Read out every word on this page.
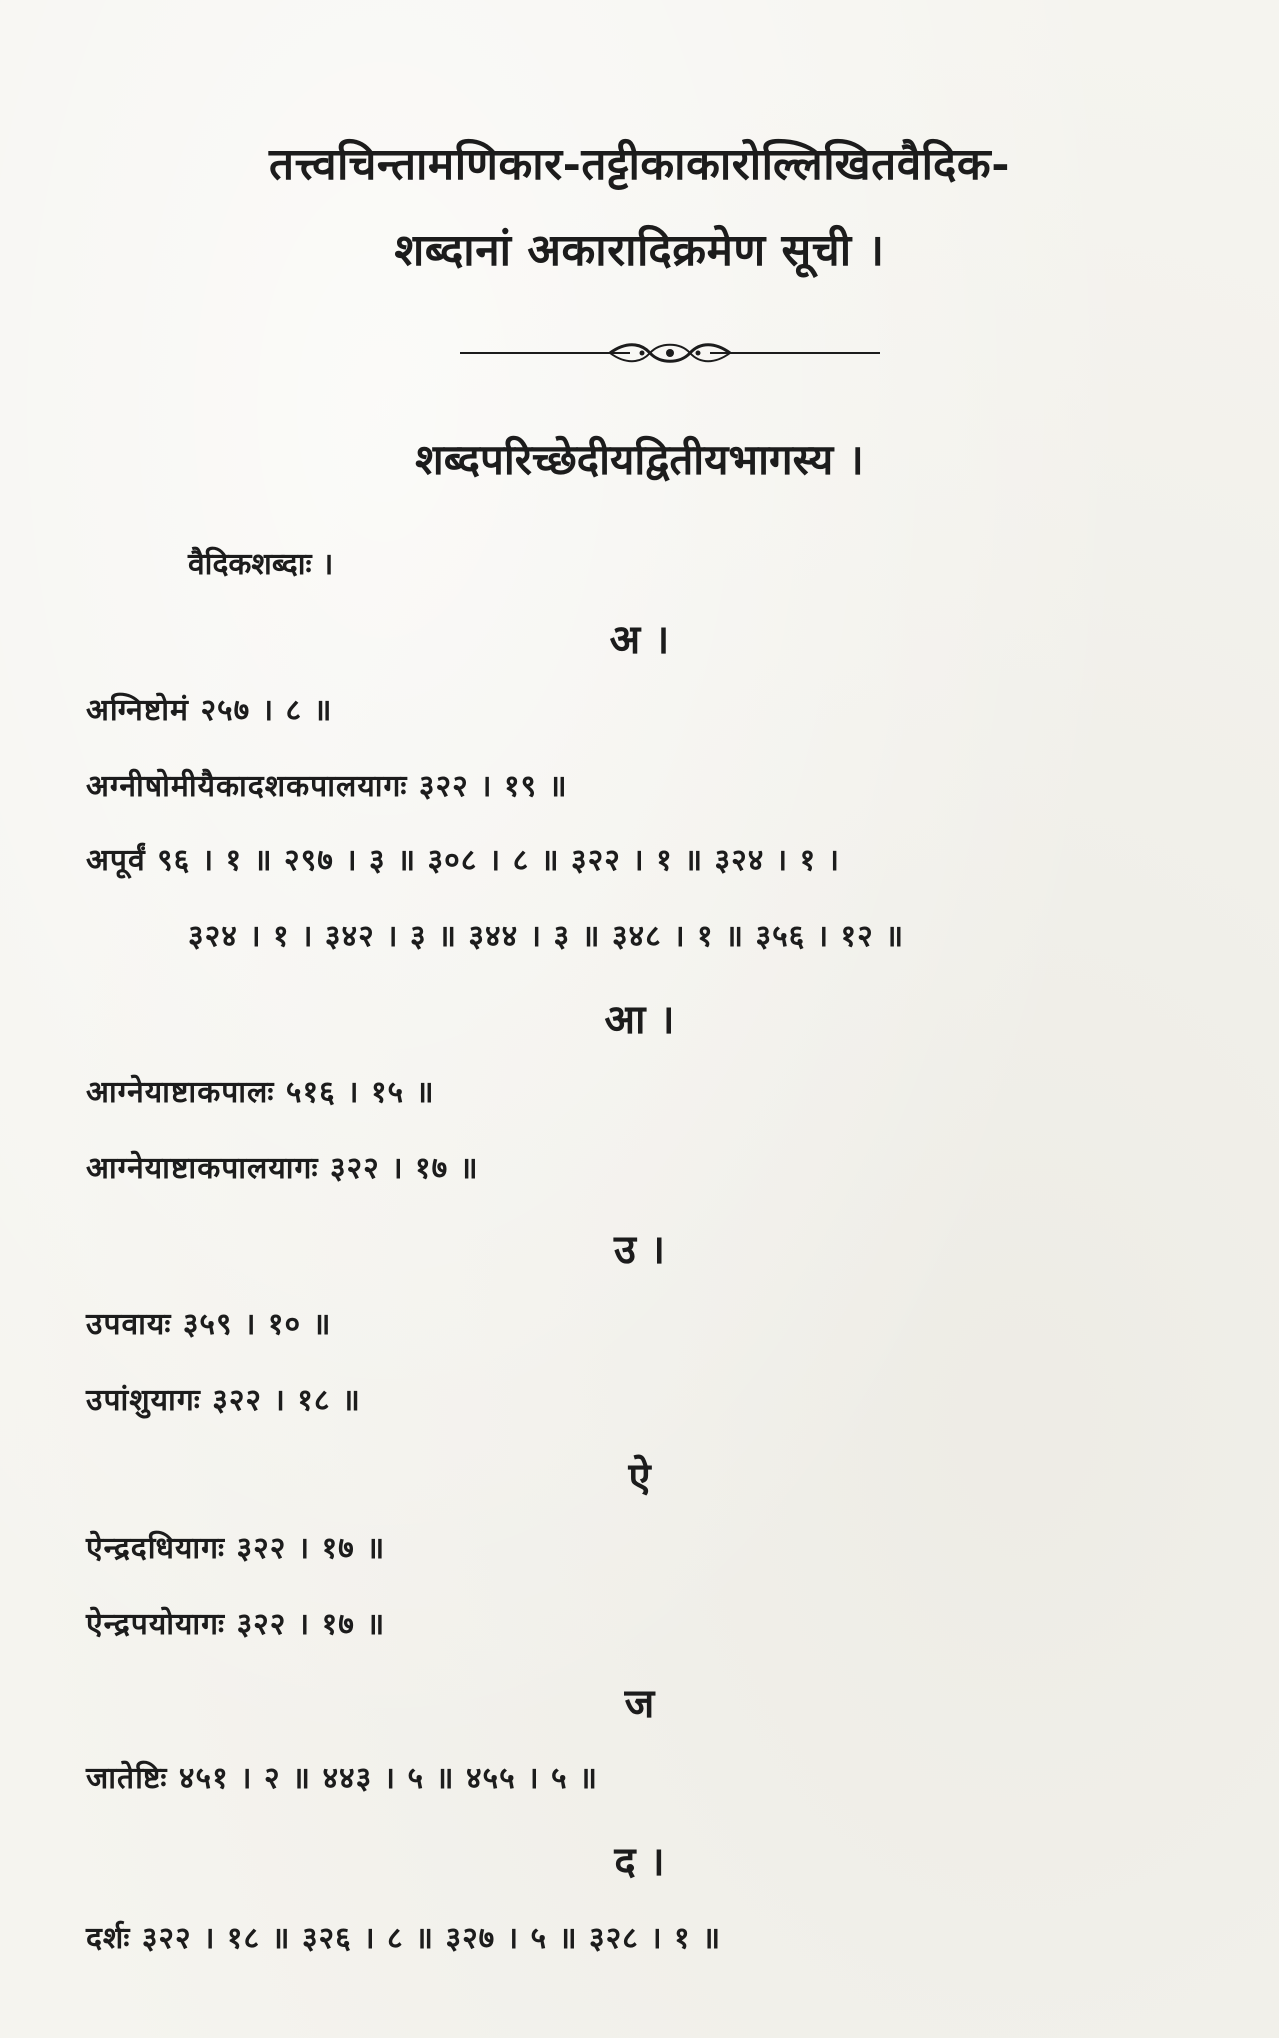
तत्त्वचिन्तामणिकार-तट्टीकाकारोल्लिखितवैदिक-
शब्दानां अकारादिक्रमेण सूची ।
शब्दपरिच्छेदीयद्वितीयभागस्य ।
वैदिकशब्दाः ।
अ ।
अग्निष्टोमं २५७ । ८ ॥
अग्नीषोमीयैकादशकपालयागः ३२२ । १९ ॥
अपूर्वं ९६ । १ ॥ २९७ । ३ ॥ ३०८ । ८ ॥ ३२२ । १ ॥ ३२४ । १ ।
३२४ । १ । ३४२ । ३ ॥ ३४४ । ३ ॥ ३४८ । १ ॥ ३५६ । १२ ॥
आ ।
आग्नेयाष्टाकपालः ५१६ । १५ ॥
आग्नेयाष्टाकपालयागः ३२२ । १७ ॥
उ ।
उपवायः ३५९ । १० ॥
उपांशुयागः ३२२ । १८ ॥
ऐ
ऐन्द्रदधियागः ३२२ । १७ ॥
ऐन्द्रपयोयागः ३२२ । १७ ॥
ज
जातेष्टिः ४५१ । २ ॥ ४४३ । ५ ॥ ४५५ । ५ ॥
द ।
दर्शः ३२२ । १८ ॥ ३२६ । ८ ॥ ३२७ । ५ ॥ ३२८ । १ ॥
